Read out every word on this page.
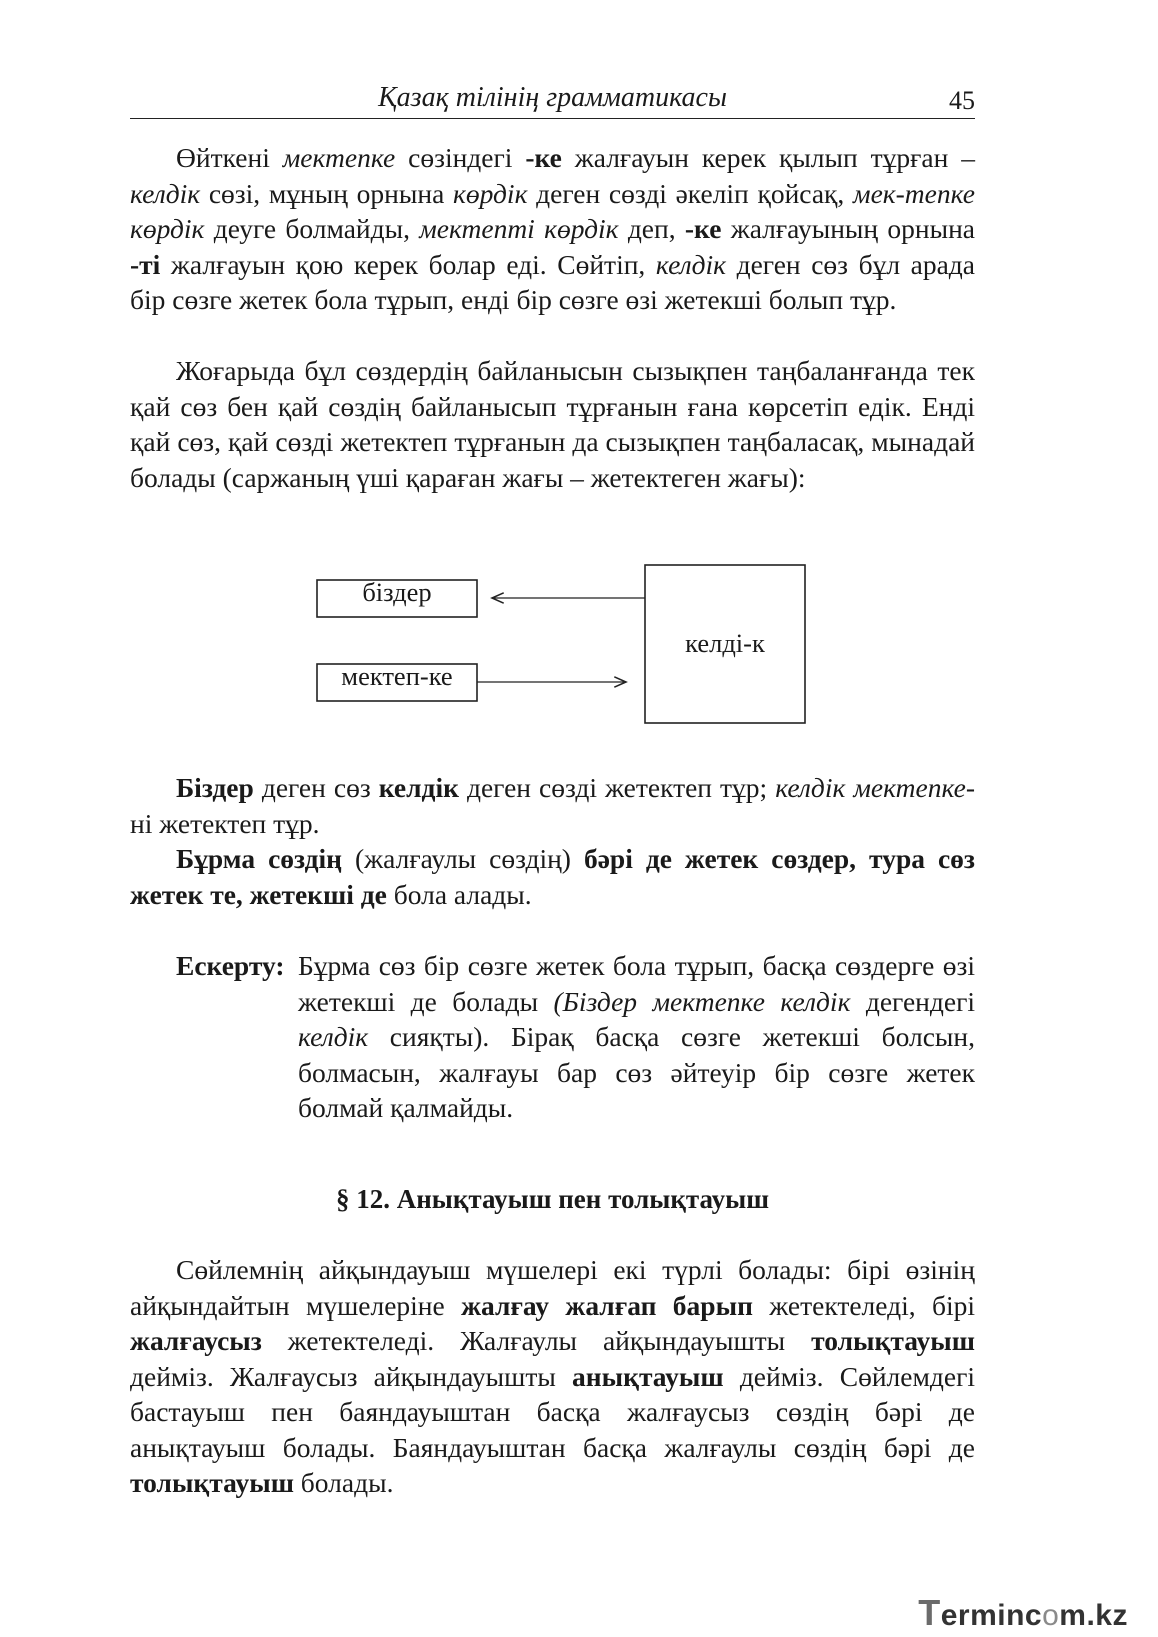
Қазақ тілінің грамматикасы	45

Өйткені мектепке сөзіндегі -ке жалғауын керек қылып тұрған – келдік сөзі, мұның орнына көрдік деген сөзді әкеліп қойсақ, мек-тепке көрдік деуге болмайды, мектепті көрдік деп, -ке жалғауының орнына -ті жалғауын қою керек болар еді. Сөйтіп, келдік деген сөз бұл арада бір сөзге жетек бола тұрып, енді бір сөзге өзі жетекші болып тұр.

Жоғарыда бұл сөздердің байланысын сызықпен таңбаланғанда тек қай сөз бен қай сөздің байланысып тұрғанын ғана көрсетіп едік. Енді қай сөз, қай сөзді жетектеп тұрғанын да сызықпен таңбаласақ, мынадай болады (саржаның үші қараған жағы – жетектеген жағы):

біздер
мектеп-ке
келді-к

Біздер деген сөз келдік деген сөзді жетектеп тұр; келдік мектепке-ні жетектеп тұр.

Бұрма сөздің (жалғаулы сөздің) бәрі де жетек сөздер, тура сөз жетек те, жетекші де бола алады.

Ескерту: Бұрма сөз бір сөзге жетек бола тұрып, басқа сөздерге өзі жетекші де болады (Біздер мектепке келдік дегендегі келдік сияқты). Бірақ басқа сөзге жетекші болсын, болмасын, жалғауы бар сөз әйтеуір бір сөзге жетек болмай қалмайды.
§ 12. Анықтауыш пен толықтауыш

Сөйлемнің айқындауыш мүшелері екі түрлі болады: бірі өзінің айқындайтын мүшелеріне жалғау жалғап барып жетектеледі, бірі жалғаусыз жетектеледі. Жалғаулы айқындауышты толықтауыш дейміз. Жалғаусыз айқындауышты анықтауыш дейміз. Сөйлемдегі бастауыш пен баяндауыштан басқа жалғаусыз сөздің бәрі де анықтауыш болады. Баяндауыштан басқа жалғаулы сөздің бәрі де толықтауыш болады.

Termincom.kz
